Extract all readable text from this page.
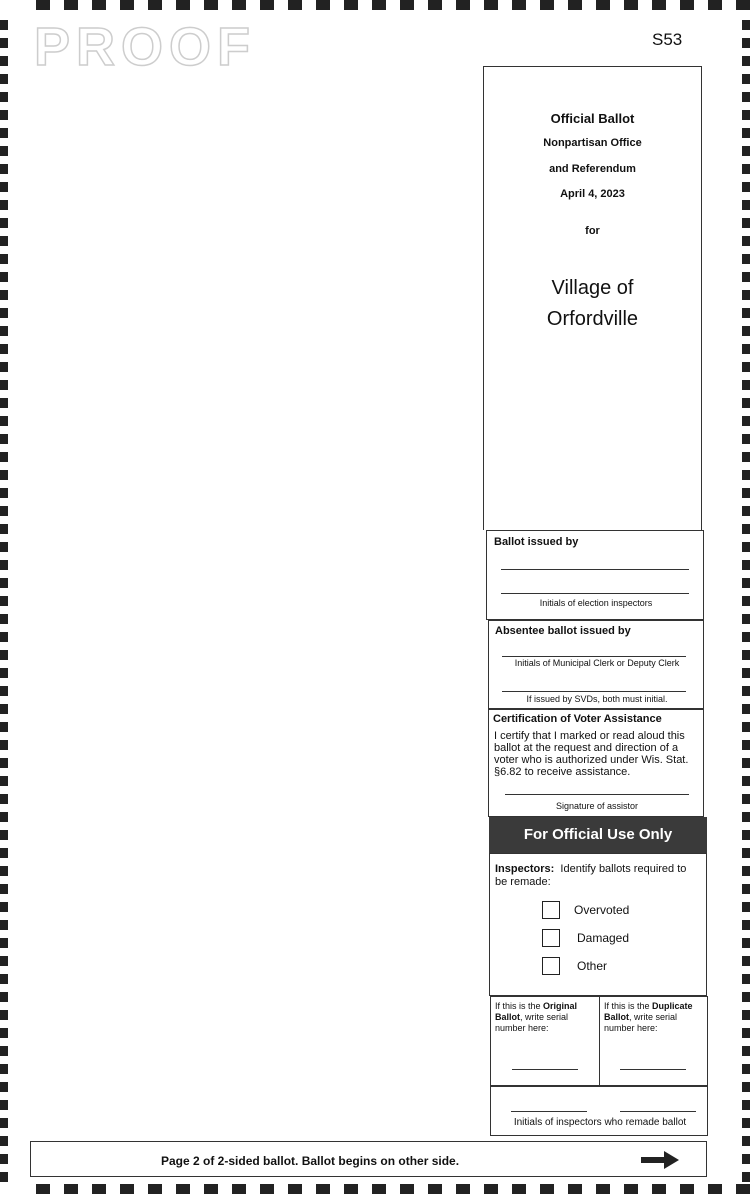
PROOF	S53
Official Ballot
Nonpartisan Office
and Referendum
April 4, 2023
for
Village of
Orfordville
Ballot issued by
Initials of election inspectors
Absentee ballot issued by
Initials of Municipal Clerk or Deputy Clerk
If issued by SVDs, both must initial.
Certification of Voter Assistance
I certify that I marked or read aloud this ballot at the request and direction of a voter who is authorized under Wis. Stat. §6.82 to receive assistance.
Signature of assistor
For Official Use Only
Inspectors: Identify ballots required to be remade:
Overvoted
Damaged
Other
If this is the Original Ballot, write serial number here:
If this is the Duplicate Ballot, write serial number here:
Initials of inspectors who remade ballot
Page 2 of 2-sided ballot. Ballot begins on other side.
